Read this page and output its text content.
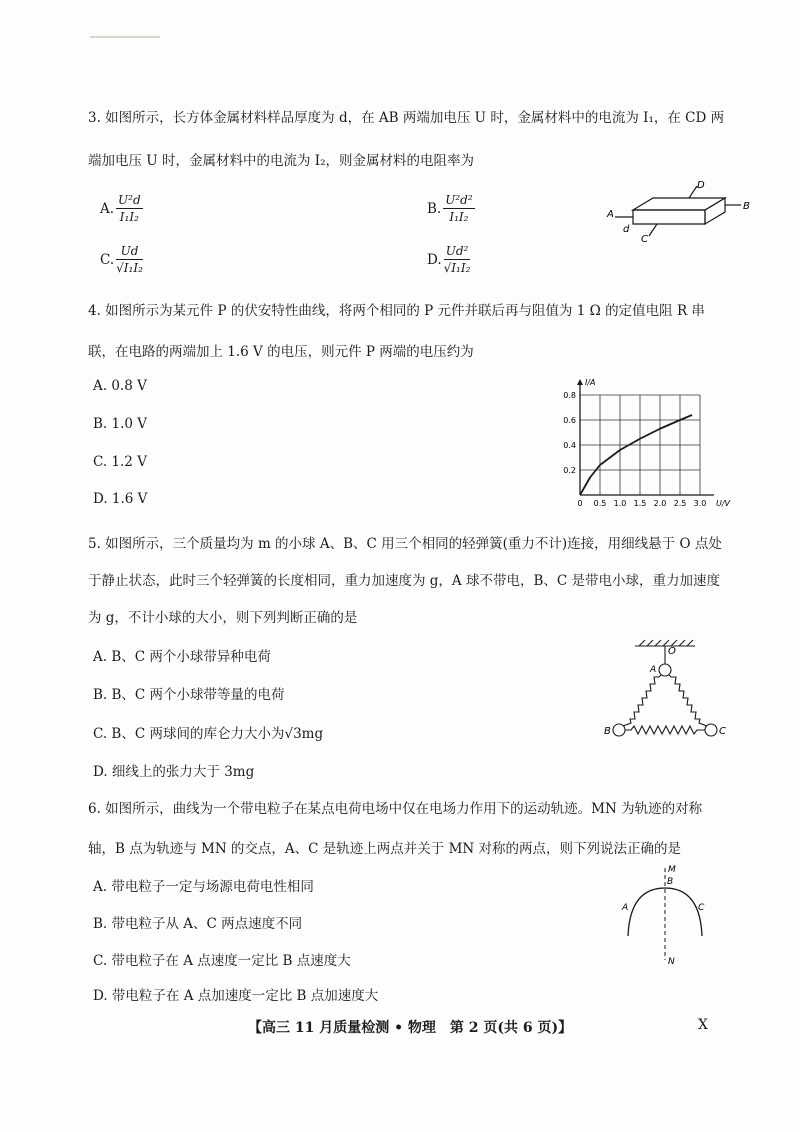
3. 如图所示，长方体金属材料样品厚度为 d，在 AB 两端加电压 U 时，金属材料中的电流为 I₁，在 CD 两
端加电压 U 时，金属材料中的电流为 I₂，则金属材料的电阻率为
A. $\frac{\text{U²d}}{\text{I₁I₂}}$	B. $\frac{\text{U²d²}}{\text{I₁I₂}}$
C. $\frac{Ud}{\text{√I₁I₂}}$	D. $\frac{\text{Ud²}}{\text{√I₁I₂}}$
A
B
D
C
d
4. 如图所示为某元件 P 的伏安特性曲线，将两个相同的 P 元件并联后再与阻值为 1 Ω 的定值电阻 R 串
联，在电路的两端加上 1.6 V 的电压，则元件 P 两端的电压约为
A. 0.8 V
B. 1.0 V
C. 1.2 V
D. 1.6 V	0 0.5 1.0 1.5 2.0 2.5 3.0
0.2
0.4
0.6
0.8
U/V
I/A
5. 如图所示，三个质量均为 m 的小球 A、B、C 用三个相同的轻弹簧(重力不计)连接，用细线悬于 O 点处
于静止状态，此时三个轻弹簧的长度相同，重力加速度为 g，A 球不带电，B、C 是带电小球，重力加速度
为 g，不计小球的大小，则下列判断正确的是
A. B、C 两个小球带异种电荷
B. B、C 两个小球带等量的电荷
C. B、C 两球间的库仑力大小为√3mg
D. 细线上的张力大于 3mg
O
A
B	C
6. 如图所示，曲线为一个带电粒子在某点电荷电场中仅在电场力作用下的运动轨迹。MN 为轨迹的对称
轴，B 点为轨迹与 MN 的交点，A、C 是轨迹上两点并关于 MN 对称的两点，则下列说法正确的是
A. 带电粒子一定与场源电荷电性相同
B. 带电粒子从 A、C 两点速度不同
C. 带电粒子在 A 点速度一定比 B 点速度大
D. 带电粒子在 A 点加速度一定比 B 点加速度大
M
N
B
A	C
【高三 11 月质量检测 • 物理　第 2 页(共 6 页)】	X
